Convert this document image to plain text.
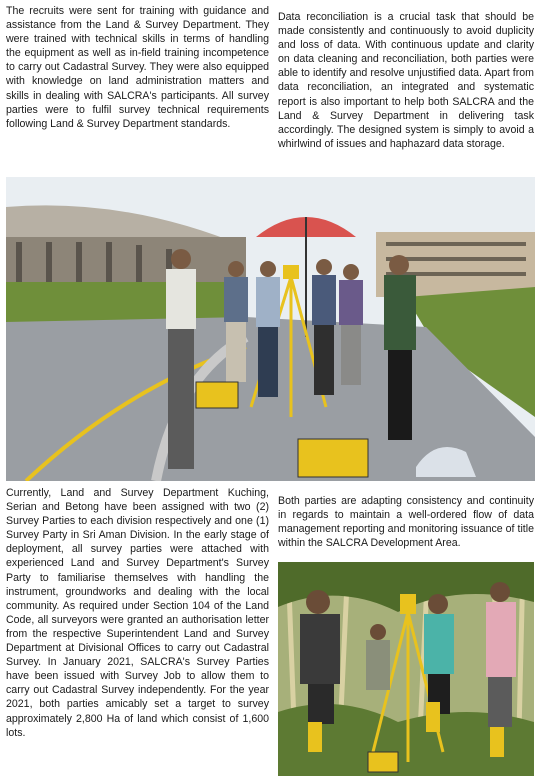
The recruits were sent for training with guidance and assistance from the Land & Survey Department. They were trained with technical skills in terms of handling the equipment as well as in-field training incompetence to carry out Cadastral Survey. They were also equipped with knowledge on land administration matters and skills in dealing with SALCRA's participants. All survey parties were to fulfil survey technical requirements following Land & Survey Department standards.

Data reconciliation is a crucial task that should be made consistently and continuously to avoid duplicity and loss of data. With continuous update and clarity on data cleaning and reconciliation, both parties were able to identify and resolve unjustified data. Apart from data reconciliation, an integrated and systematic report is also important to help both SALCRA and the Land & Survey Department in delivering task accordingly. The designed system is simply to avoid a whirlwind of issues and haphazard data storage.

Currently, Land and Survey Department Kuching, Serian and Betong have been assigned with two (2) Survey Parties to each division respectively and one (1) Survey Party in Sri Aman Division. In the early stage of deployment, all survey parties were attached with experienced Land and Survey Department's Survey Party to familiarise themselves with handling the instrument, groundworks and dealing with the local community. As required under Section 104 of the Land Code, all surveyors were granted an authorisation letter from the respective Superintendent Land and Survey Department at Divisional Offices to carry out Cadastral Survey. In January 2021, SALCRA's Survey Parties have been issued with Survey Job to allow them to carry out Cadastral Survey independently. For the year 2021, both parties amicably set a target to survey approximately 2,800 Ha of land which consist of 1,600 lots.

Both parties are adapting consistency and continuity in regards to maintain a well-ordered flow of data management reporting and monitoring issuance of title within the SALCRA Development Area.
